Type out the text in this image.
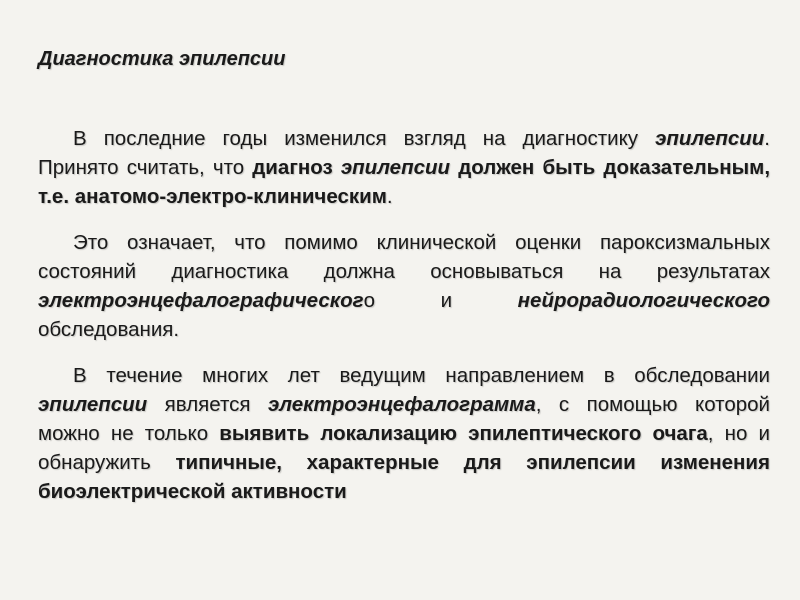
Диагностика эпилепсии

В последние годы изменился взгляд на диагностику эпилепсии. Принято считать, что диагноз эпилепсии должен быть доказательным, т.е. анатомо-электро-клиническим.

Это означает, что помимо клинической оценки пароксизмальных состояний диагностика должна основываться на результатах электроэнцефалографического и нейрорадиологического обследования.

В течение многих лет ведущим направлением в обследовании эпилепсии является электроэнцефалограмма, с помощью которой можно не только выявить локализацию эпилептического очага, но и обнаружить типичные, характерные для эпилепсии изменения биоэлектрической активности
